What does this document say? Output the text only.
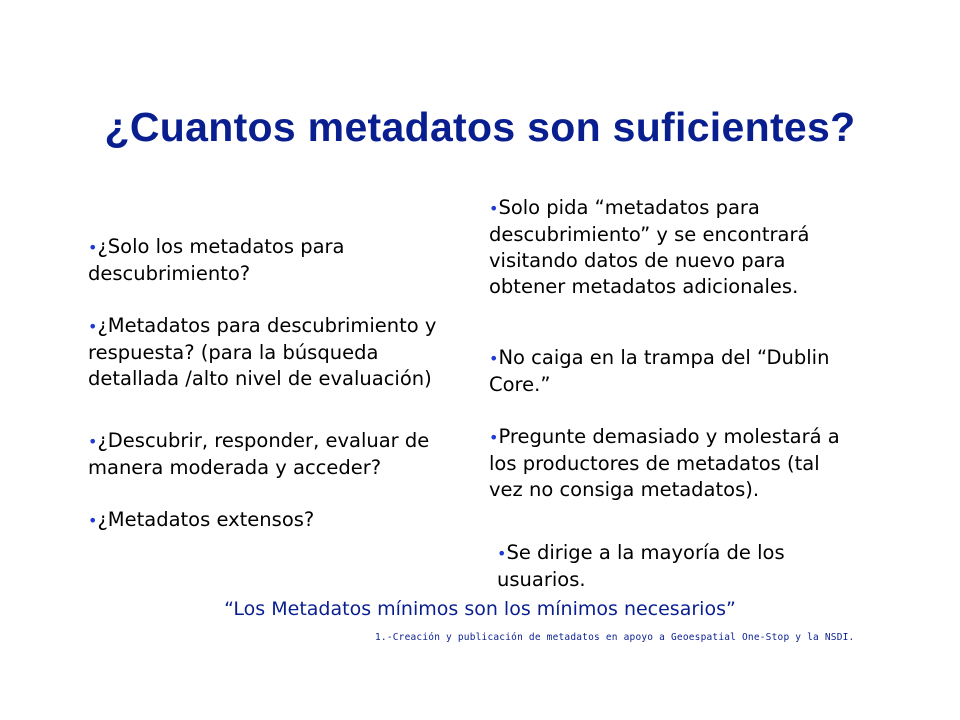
¿Cuantos metadatos son suficientes?
•¿Solo los metadatos para descubrimiento?
•¿Metadatos para descubrimiento y respuesta? (para la búsqueda detallada /alto nivel de evaluación)
•¿Descubrir, responder, evaluar de manera moderada y acceder?
•¿Metadatos extensos?
•Solo pida “metadatos para descubrimiento” y se encontrará visitando datos de nuevo para obtener metadatos adicionales.
•No caiga en la trampa del “Dublin Core.”
•Pregunte demasiado y molestará a los productores de metadatos (tal vez no consiga metadatos).
•Se dirige a la mayoría de los usuarios.
“Los Metadatos mínimos son los mínimos necesarios”
1.-Creación y publicación de metadatos en apoyo a Geoespatial One-Stop y la NSDI.
